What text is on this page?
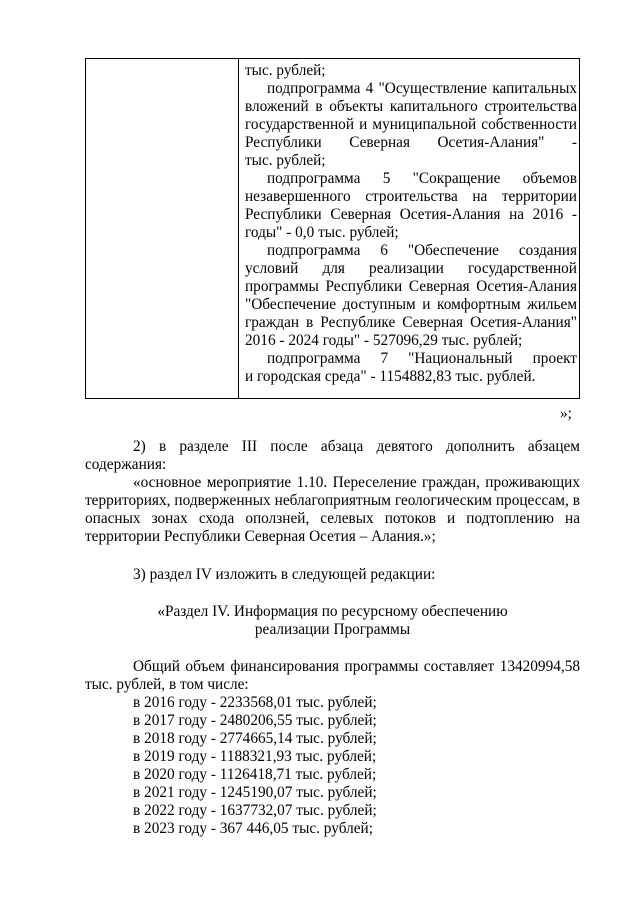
тыс. рублей;
подпрограмма 4 "Осуществление капитальных
вложений в объекты капитального строительства
государственной и муниципальной собственности
Республики Северная Осетия-Алания" -
тыс. рублей;
подпрограмма 5 "Сокращение объемов
незавершенного строительства на территории
Республики Северная Осетия-Алания на 2016 -
годы" - 0,0 тыс. рублей;
подпрограмма 6 "Обеспечение создания
условий для реализации государственной
программы Республики Северная Осетия-Алания
"Обеспечение доступным и комфортным жильем
граждан в Республике Северная Осетия-Алания"
2016 - 2024 годы" - 527096,29 тыс. рублей;
подпрограмма 7 "Национальный проект
и городская среда" - 1154882,83 тыс. рублей.
»;
2) в разделе III после абзаца девятого дополнить абзацем
содержания:
«основное мероприятие 1.10. Переселение граждан, проживающих
территориях, подверженных неблагоприятным геологическим процессам, в
опасных зонах схода оползней, селевых потоков и подтоплению на
территории Республики Северная Осетия – Алания.»;
3) раздел IV изложить в следующей редакции:
«Раздел IV. Информация по ресурсному обеспечению
реализации Программы
Общий объем финансирования программы составляет 13420994,58
тыс. рублей, в том числе:
в 2016 году - 2233568,01 тыс. рублей;
в 2017 году - 2480206,55 тыс. рублей;
в 2018 году - 2774665,14 тыс. рублей;
в 2019 году - 1188321,93 тыс. рублей;
в 2020 году - 1126418,71 тыс. рублей;
в 2021 году - 1245190,07 тыс. рублей;
в 2022 году - 1637732,07 тыс. рублей;
в 2023 году - 367 446,05 тыс. рублей;
